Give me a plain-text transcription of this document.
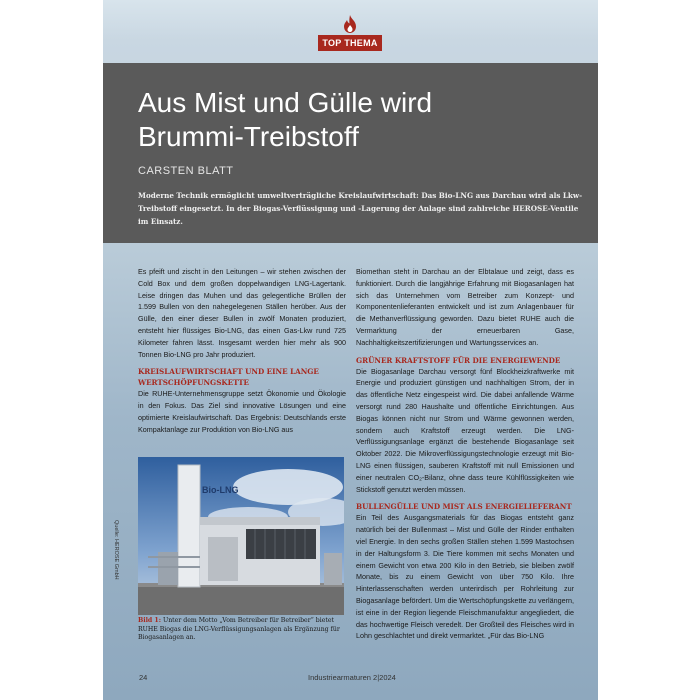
TOP THEMA
Aus Mist und Gülle wird
Brummi-Treibstoff
CARSTEN BLATT
Moderne Technik ermöglicht umweltverträgliche Kreislaufwirtschaft: Das Bio-LNG aus Darchau wird als Lkw-Treibstoff eingesetzt. In der Biogas-Verflüssigung und -Lagerung der Anlage sind zahlreiche HEROSE-Ventile im Einsatz.

Es pfeift und zischt in den Leitungen – wir stehen zwischen der Cold Box und dem großen doppelwandigen LNG-Lagertank. Leise dringen das Muhen und das gelegentliche Brüllen der 1.599 Bullen von den nahegelegenen Ställen herüber. Aus der Gülle, den einer dieser Bullen in zwölf Monaten produziert, entsteht hier flüssiges Bio-LNG, das einen Gas-Lkw rund 725 Kilometer fahren lässt. Insgesamt werden hier mehr als 900 Tonnen Bio-LNG pro Jahr produziert.

KREISLAUFWIRTSCHAFT UND EINE LANGE WERTSCHÖPFUNGSKETTE

Die RUHE-Unternehmensgruppe setzt Ökonomie und Ökologie in den Fokus. Das Ziel sind innovative Lösungen und eine optimierte Kreislaufwirtschaft. Das Ergebnis: Deutschlands erste Kompaktanlage zur Produktion von Bio-LNG aus

Quelle: HEROSE GmbH
Bio-LNG
Bild 1: Unter dem Motto „Vom Betreiber für Betreiber“ bietet RUHE Biogas die LNG-Verflüssigungsanlagen als Ergänzung für Biogasanlagen an.

Biomethan steht in Darchau an der Elbtalaue und zeigt, dass es funktioniert. Durch die langjährige Erfahrung mit Biogasanlagen hat sich das Unternehmen vom Betreiber zum Konzept- und Komponentenlieferanten entwickelt und ist zum Anlagenbauer für die Methanverflüssigung geworden. Dazu bietet RUHE auch die Vermarktung der erneuerbaren Gase, Nachhaltigkeitszertifizierungen und Wartungsservices an.

GRÜNER KRAFTSTOFF FÜR DIE ENERGIEWENDE

Die Biogasanlage Darchau versorgt fünf Blockheizkraftwerke mit Energie und produziert günstigen und nachhaltigen Strom, der in das öffentliche Netz eingespeist wird. Die dabei anfallende Wärme versorgt rund 280 Haushalte und öffentliche Einrichtungen. Aus Biogas können nicht nur Strom und Wärme gewonnen werden, sondern auch Kraftstoff erzeugt werden. Die LNG-Verflüssigungsanlage ergänzt die bestehende Biogasanlage seit Oktober 2022. Die Mikroverflüssigungstechnologie erzeugt mit Bio-LNG einen flüssigen, sauberen Kraftstoff mit null Emissionen und einer neutralen CO₂-Bilanz, ohne dass teure Kühlflüssigkeiten wie Stickstoff genutzt werden müssen.

BULLENGÜLLE UND MIST ALS ENERGIELIEFERANT

Ein Teil des Ausgangsmaterials für das Biogas entsteht ganz natürlich bei der Bullenmast – Mist und Gülle der Rinder enthalten viel Energie. In den sechs großen Ställen stehen 1.599 Mastochsen in der Haltungsform 3. Die Tiere kommen mit sechs Monaten und einem Gewicht von etwa 200 Kilo in den Betrieb, sie bleiben zwölf Monate, bis zu einem Gewicht von über 750 Kilo. Ihre Hinterlassenschaften werden unterirdisch per Rohrleitung zur Biogasanlage befördert. Um die Wertschöpfungskette zu verlängern, ist eine in der Region liegende Fleischmanufaktur angegliedert, die das hochwertige Fleisch veredelt. Der Großteil des Fleisches wird in Lohn geschlachtet und direkt vermarktet. „Für das Bio-LNG

24	Industriearmaturen 2|2024
